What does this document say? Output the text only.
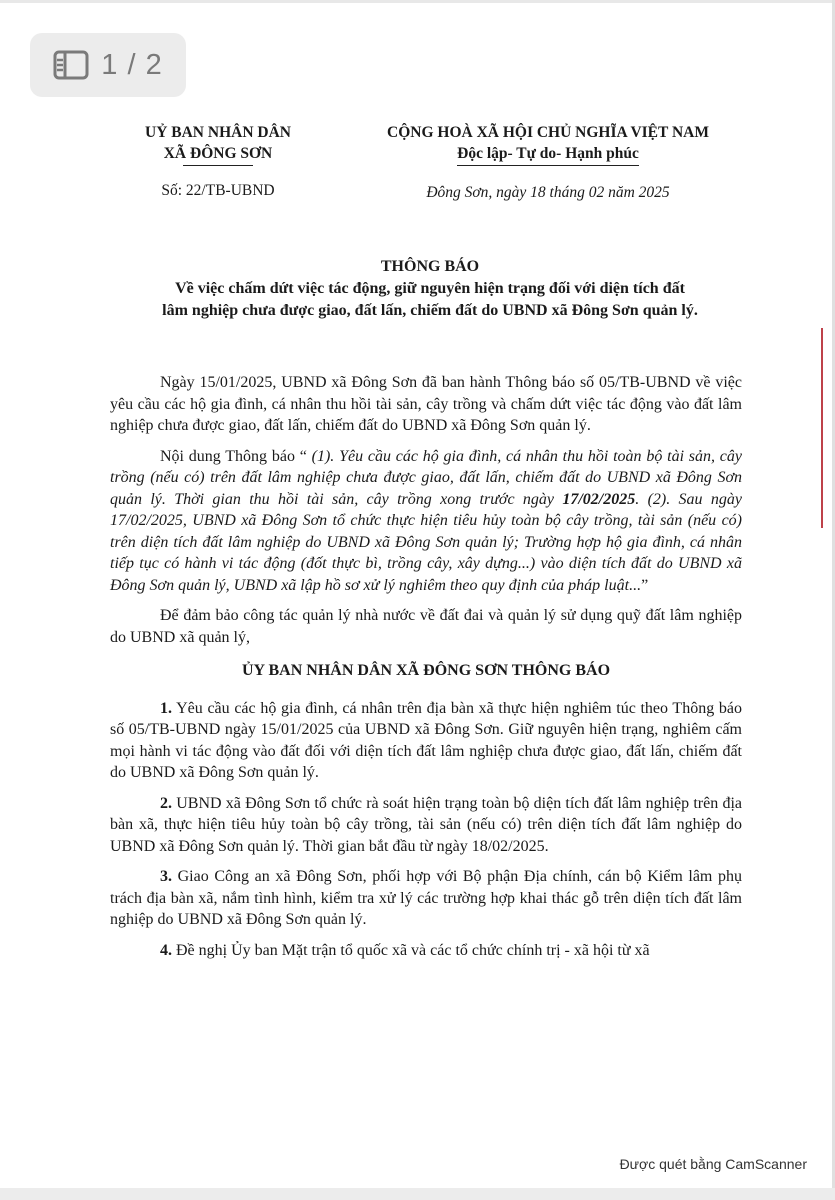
1 / 2
UỶ BAN NHÂN DÂN
XÃ ĐÔNG SƠN
Số: 22/TB-UBND
CỘNG HOÀ XÃ HỘI CHỦ NGHĨA VIỆT NAM
Độc lập- Tự do- Hạnh phúc
Đông Sơn, ngày 18 tháng 02 năm 2025
THÔNG BÁO
Về việc chấm dứt việc tác động, giữ nguyên hiện trạng đối với diện tích đất
lâm nghiệp chưa được giao, đất lấn, chiếm đất do UBND xã Đông Sơn quản lý.

Ngày 15/01/2025, UBND xã Đông Sơn đã ban hành Thông báo số 05/TB-UBND về việc yêu cầu các hộ gia đình, cá nhân thu hồi tài sản, cây trồng và chấm dứt việc tác động vào đất lâm nghiệp chưa được giao, đất lấn, chiếm đất do UBND xã Đông Sơn quản lý.

Nội dung Thông báo “ (1). Yêu cầu các hộ gia đình, cá nhân thu hồi toàn bộ tài sản, cây trồng (nếu có) trên đất lâm nghiệp chưa được giao, đất lấn, chiếm đất do UBND xã Đông Sơn quản lý. Thời gian thu hồi tài sản, cây trồng xong trước ngày 17/02/2025. (2). Sau ngày 17/02/2025, UBND xã Đông Sơn tổ chức thực hiện tiêu hủy toàn bộ cây trồng, tài sản (nếu có) trên diện tích đất lâm nghiệp do UBND xã Đông Sơn quản lý; Trường hợp hộ gia đình, cá nhân tiếp tục có hành vi tác động (đốt thực bì, trồng cây, xây dựng...) vào diện tích đất do UBND xã Đông Sơn quản lý, UBND xã lập hồ sơ xử lý nghiêm theo quy định của pháp luật...”

Để đảm bảo công tác quản lý nhà nước về đất đai và quản lý sử dụng quỹ đất lâm nghiệp do UBND xã quản lý,

ỦY BAN NHÂN DÂN XÃ ĐÔNG SƠN THÔNG BÁO

1. Yêu cầu các hộ gia đình, cá nhân trên địa bàn xã thực hiện nghiêm túc theo Thông báo số 05/TB-UBND ngày 15/01/2025 của UBND xã Đông Sơn. Giữ nguyên hiện trạng, nghiêm cấm mọi hành vi tác động vào đất đối với diện tích đất lâm nghiệp chưa được giao, đất lấn, chiếm đất do UBND xã Đông Sơn quản lý.

2. UBND xã Đông Sơn tổ chức rà soát hiện trạng toàn bộ diện tích đất lâm nghiệp trên địa bàn xã, thực hiện tiêu hủy toàn bộ cây trồng, tài sản (nếu có) trên diện tích đất lâm nghiệp do UBND xã Đông Sơn quản lý. Thời gian bắt đầu từ ngày 18/02/2025.

3. Giao Công an xã Đông Sơn, phối hợp với Bộ phận Địa chính, cán bộ Kiểm lâm phụ trách địa bàn xã, nắm tình hình, kiểm tra xử lý các trường hợp khai thác gỗ trên diện tích đất lâm nghiệp do UBND xã Đông Sơn quản lý.

4. Đề nghị Ủy ban Mặt trận tổ quốc xã và các tổ chức chính trị - xã hội từ xã

Được quét bằng CamScanner
